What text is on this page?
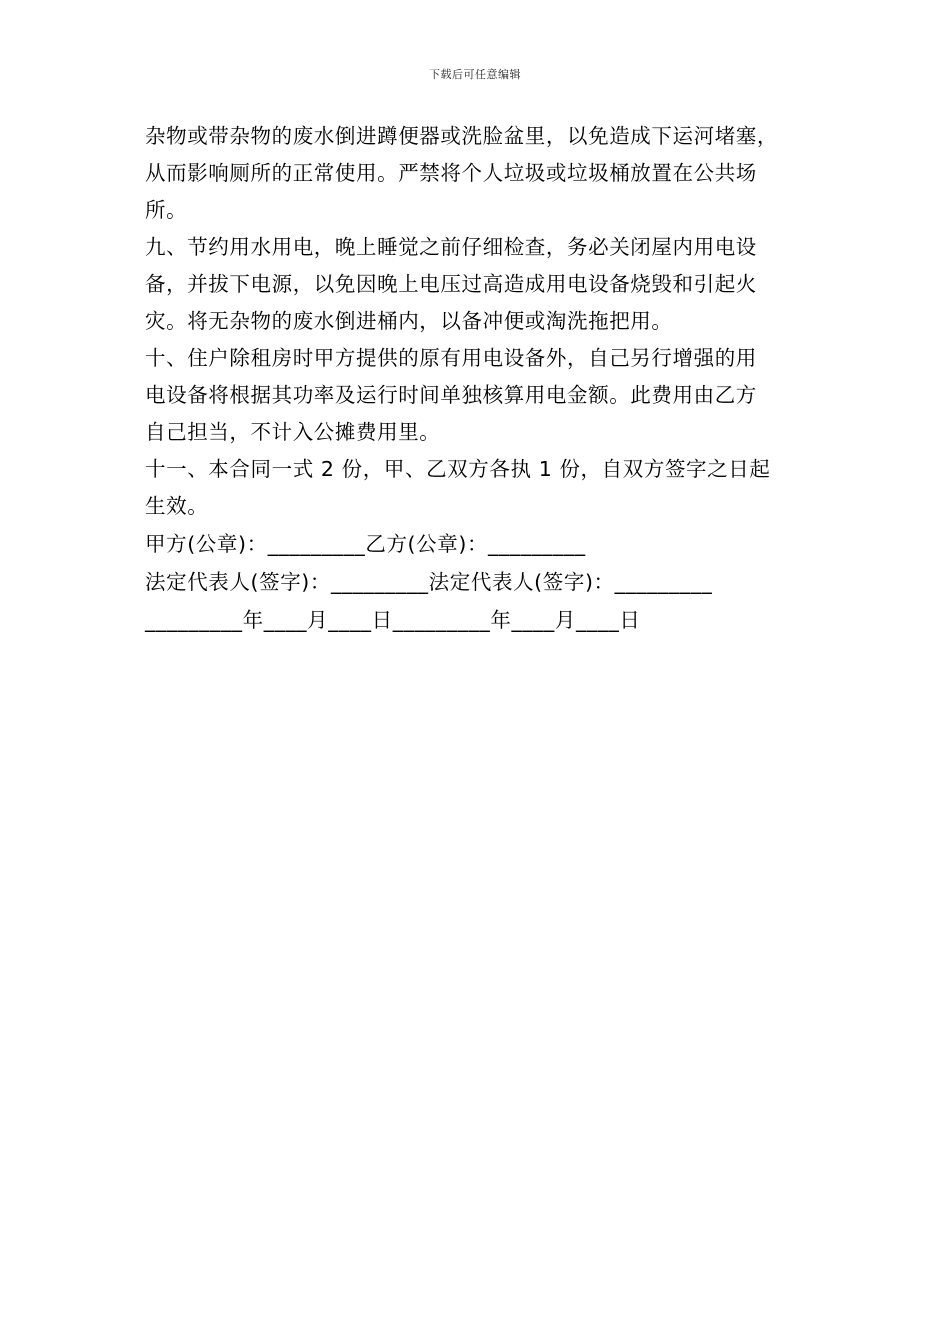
下载后可任意编辑
杂物或带杂物的废水倒进蹲便器或洗脸盆里，以免造成下运河堵塞，
从而影响厕所的正常使用。严禁将个人垃圾或垃圾桶放置在公共场
所。
九、节约用水用电，晚上睡觉之前仔细检查，务必关闭屋内用电设
备，并拔下电源，以免因晚上电压过高造成用电设备烧毁和引起火
灾。将无杂物的废水倒进桶内，以备冲便或淘洗拖把用。
十、住户除租房时甲方提供的原有用电设备外，自己另行增强的用
电设备将根据其功率及运行时间单独核算用电金额。此费用由乙方
自己担当，不计入公摊费用里。
十一、本合同一式 2 份，甲、乙双方各执 1 份，自双方签字之日起
生效。
甲方(公章)：_________乙方(公章)：_________
法定代表人(签字)：_________法定代表人(签字)：_________
_________年____月____日_________年____月____日
